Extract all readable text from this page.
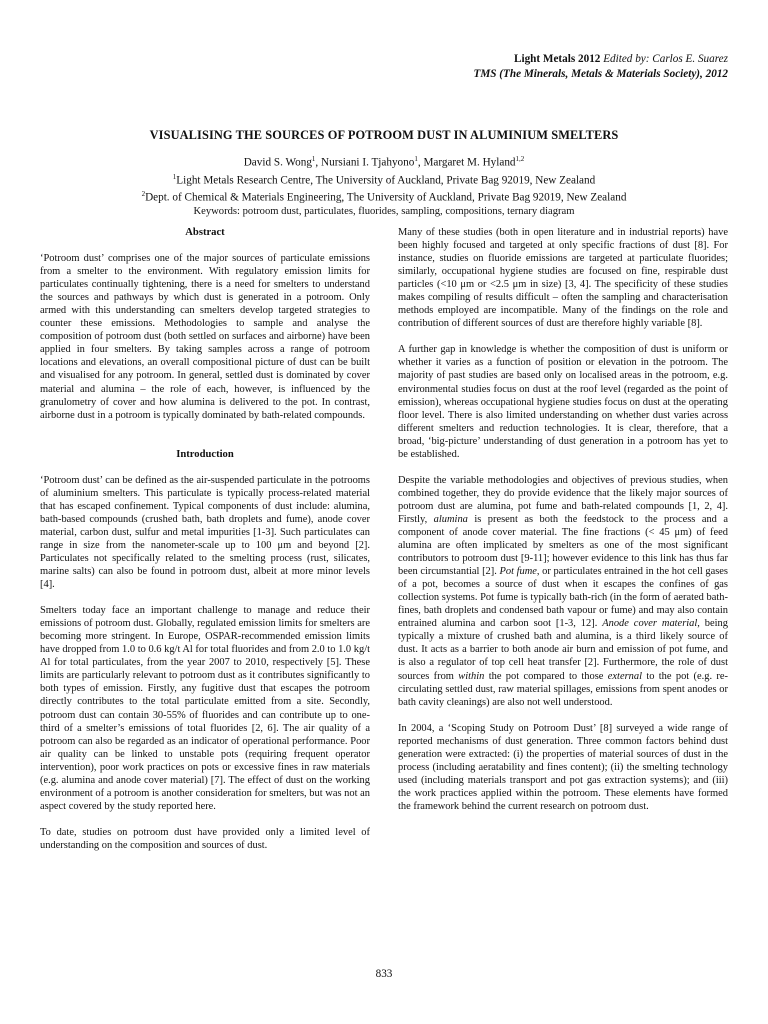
Light Metals 2012 Edited by: Carlos E. Suarez
TMS (The Minerals, Metals & Materials Society), 2012
VISUALISING THE SOURCES OF POTROOM DUST IN ALUMINIUM SMELTERS
David S. Wong$^1$, Nursiani I. Tjahyono$^1$, Margaret M. Hyland$^{1,2}$
$^1$Light Metals Research Centre, The University of Auckland, Private Bag 92019, New Zealand
$^2$Dept. of Chemical & Materials Engineering, The University of Auckland, Private Bag 92019, New Zealand
Keywords: potroom dust, particulates, fluorides, sampling, compositions, ternary diagram

Abstract

‘Potroom dust’ comprises one of the major sources of particulate emissions from a smelter to the environment. With regulatory emission limits for particulates continually tightening, there is a need for smelters to understand the sources and pathways by which dust is generated in a potroom. Only armed with this understanding can smelters develop targeted strategies to counter these emissions. Methodologies to sample and analyse the composition of potroom dust (both settled on surfaces and airborne) have been applied in four smelters. By taking samples across a range of potroom locations and elevations, an overall compositional picture of dust can be built and visualised for any potroom. In general, settled dust is dominated by cover material and alumina – the role of each, however, is influenced by the granulometry of cover and how alumina is delivered to the pot. In contrast, airborne dust in a potroom is typically dominated by bath-related compounds.

Introduction

‘Potroom dust’ can be defined as the air-suspended particulate in the potrooms of aluminium smelters. This particulate is typically process-related material that has escaped confinement. Typical components of dust include: alumina, bath-based compounds (crushed bath, bath droplets and fume), anode cover material, carbon dust, sulfur and metal impurities [1-3]. Such particulates can range in size from the nanometer-scale up to 100 μm and beyond [2]. Particulates not specifically related to the smelting process (rust, silicates, marine salts) can also be found in potroom dust, albeit at more minor levels [4].

Smelters today face an important challenge to manage and reduce their emissions of potroom dust. Globally, regulated emission limits for smelters are becoming more stringent. In Europe, OSPAR-recommended emission limits have dropped from 1.0 to 0.6 kg/t Al for total fluorides and from 2.0 to 1.0 kg/t Al for total particulates, from the year 2007 to 2010, respectively [5]. These limits are particularly relevant to potroom dust as it contributes significantly to both types of emission. Firstly, any fugitive dust that escapes the potroom directly contributes to the total particulate emitted from a site. Secondly, potroom dust can contain 30-55% of fluorides and can contribute up to one-third of a smelter’s emissions of total fluorides [2, 6]. The air quality of a potroom can also be regarded as an indicator of operational performance. Poor air quality can be linked to unstable pots (requiring frequent operator intervention), poor work practices on pots or excessive fines in raw materials (e.g. alumina and anode cover material) [7]. The effect of dust on the working environment of a potroom is another consideration for smelters, but was not an aspect covered by the study reported here.

To date, studies on potroom dust have provided only a limited level of understanding on the composition and sources of dust.

Many of these studies (both in open literature and in industrial reports) have been highly focused and targeted at only specific fractions of dust [8]. For instance, studies on fluoride emissions are targeted at particulate fluorides; similarly, occupational hygiene studies are focused on fine, respirable dust particles (<10 μm or <2.5 μm in size) [3, 4]. The specificity of these studies makes compiling of results difficult – often the sampling and characterisation methods employed are incompatible. Many of the findings on the role and contribution of different sources of dust are therefore highly variable [8].

A further gap in knowledge is whether the composition of dust is uniform or whether it varies as a function of position or elevation in the potroom. The majority of past studies are based only on localised areas in the potroom, e.g. environmental studies focus on dust at the roof level (regarded as the point of emission), whereas occupational hygiene studies focus on dust at the operating floor level. There is also limited understanding on whether dust varies across different smelters and reduction technologies. It is clear, therefore, that a broad, ‘big-picture’ understanding of dust generation in a potroom has yet to be established.

Despite the variable methodologies and objectives of previous studies, when combined together, they do provide evidence that the likely major sources of potroom dust are alumina, pot fume and bath-related compounds [1, 2, 4]. Firstly, alumina is present as both the feedstock to the process and a component of anode cover material. The fine fractions (< 45 μm) of feed alumina are often implicated by smelters as one of the most significant contributors to potroom dust [9-11]; however evidence to this link has thus far been circumstantial [2]. Pot fume, or particulates entrained in the hot cell gases of a pot, becomes a source of dust when it escapes the confines of gas collection systems. Pot fume is typically bath-rich (in the form of aerated bath-fines, bath droplets and condensed bath vapour or fume) and may also contain entrained alumina and carbon soot [1-3, 12]. Anode cover material, being typically a mixture of crushed bath and alumina, is a third likely source of dust. It acts as a barrier to both anode air burn and emission of pot fume, and is also a regulator of top cell heat transfer [2]. Furthermore, the role of dust sources from within the pot compared to those external to the pot (e.g. re-circulating settled dust, raw material spillages, emissions from spent anodes or bath cavity cleanings) are also not well understood.

In 2004, a ‘Scoping Study on Potroom Dust’ [8] surveyed a wide range of reported mechanisms of dust generation. Three common factors behind dust generation were extracted: (i) the properties of material sources of dust in the process (including aeratability and fines content); (ii) the smelting technology used (including materials transport and pot gas extraction systems); and (iii) the work practices applied within the potroom. These elements have formed the framework behind the current research on potroom dust.

833
